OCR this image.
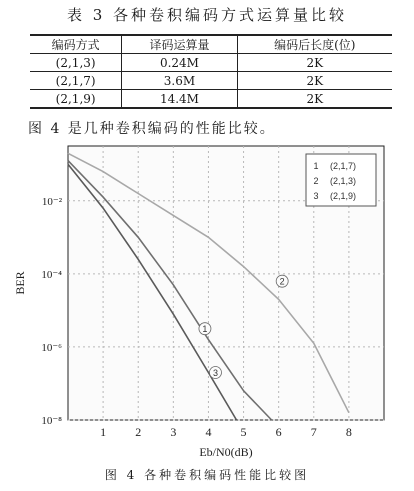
表 3 各种卷积编码方式运算量比较
编码方式	译码运算量	编码后长度(位)
(2,1,3)	0.24M	2K
(2,1,7)	3.6M	2K
(2,1,9)	14.4M	2K
图 4 是几种卷积编码的性能比较。
1 2 3 4 5 6 7 8
10⁻²
10⁻⁴
10⁻⁶
10⁻⁸
1
2
3
1 (2,1,7)
2 (2,1,3)
3 (2,1,9)
BER
Eb/N0(dB)
图 4 各种卷积编码性能比较图
